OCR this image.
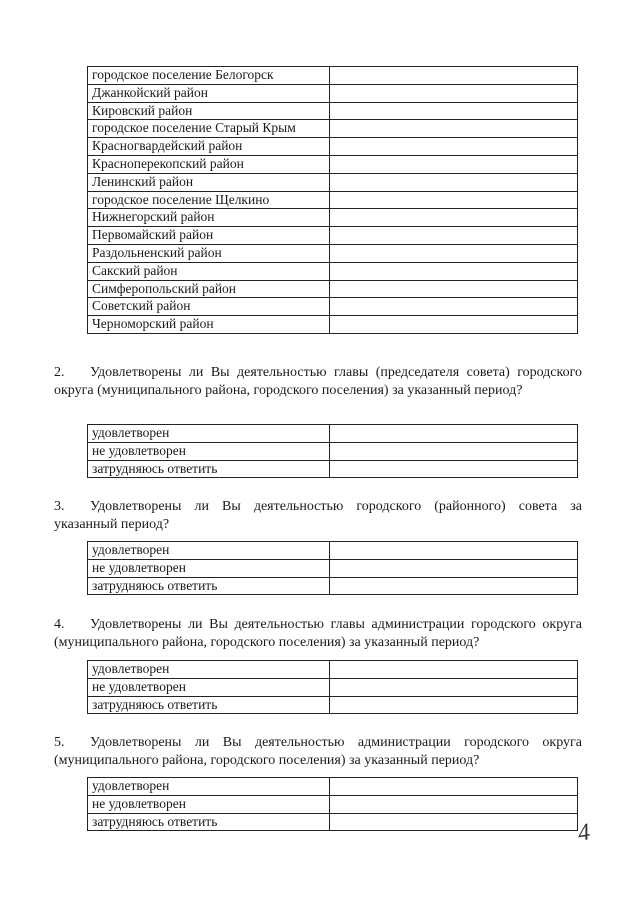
городское поселение Белогорск	
Джанкойский район	
Кировский район	
городское поселение Старый Крым	
Красногвардейский район	
Красноперекопский район	
Ленинский район	
городское поселение Щелкино	
Нижнегорский район	
Первомайский район	
Раздольненский район	
Сакский район	
Симферопольский район	
Советский район	
Черноморский район	
2. Удовлетворены ли Вы деятельностью главы (председателя совета) городского округа (муниципального района, городского поселения) за указанный период?
удовлетворен	
не удовлетворен	
затрудняюсь ответить	
3. Удовлетворены ли Вы деятельностью городского (районного) совета за указанный период?
удовлетворен	
не удовлетворен	
затрудняюсь ответить	
4. Удовлетворены ли Вы деятельностью главы администрации городского округа (муниципального района, городского поселения) за указанный период?
удовлетворен	
не удовлетворен	
затрудняюсь ответить	
5. Удовлетворены ли Вы деятельностью администрации городского округа (муниципального района, городского поселения) за указанный период?
удовлетворен	
не удовлетворен	
затрудняюсь ответить		4
